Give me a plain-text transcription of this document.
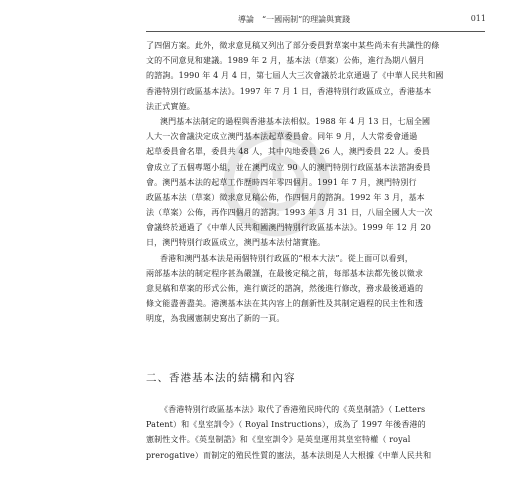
導論　“一國兩制”的理論與實踐	011

了四個方案。此外，徵求意見稿又列出了部分委員對草案中某些尚未有共識性的條
文的不同意見和建議。1989 年 2 月，基本法（草案）公佈，進行為期八個月
的諮詢。1990 年 4 月 4 日，第七屆人大三次會議於北京通過了《中華人民共和國
香港特別行政區基本法》。1997 年 7 月 1 日，香港特別行政區成立，香港基本
法正式實施。

澳門基本法制定的過程與香港基本法相似。1988 年 4 月 13 日，七屆全國
人大一次會議決定成立澳門基本法起草委員會。同年 9 月，人大常委會通過
起草委員會名單，委員共 48 人，其中內地委員 26 人，澳門委員 22 人。委員
會成立了五個專題小組，並在澳門成立 90 人的澳門特別行政區基本法諮詢委員
會。澳門基本法的起草工作歷時四年零四個月。1991 年 7 月，澳門特別行
政區基本法（草案）徵求意見稿公佈，作四個月的諮詢。1992 年 3 月，基本
法（草案）公佈，再作四個月的諮詢。1993 年 3 月 31 日，八屆全國人大一次
會議終於通過了《中華人民共和國澳門特別行政區基本法》。1999 年 12 月 20
日，澳門特別行政區成立，澳門基本法付諸實施。

香港和澳門基本法是兩個特別行政區的“根本大法”。從上面可以看到，
兩部基本法的制定程序甚為嚴謹，在最後定稿之前，每部基本法都先後以徵求
意見稿和草案的形式公佈，進行廣泛的諮詢，然後進行修改，務求最後通過的
條文能盡善盡美。港澳基本法在其內容上的創新性及其制定過程的民主性和透
明度，為我國憲制史寫出了新的一頁。

二、香港基本法的結構和內容
《香港特別行政區基本法》取代了香港殖民時代的《英皇制誥》（ Letters
Patent）和《皇室訓令》（ Royal Instructions），成為了 1997 年後香港的
憲制性文件。《英皇制誥》和《皇室訓令》是英皇運用其皇室特權（ royal
prerogative）而制定的殖民性質的憲法，基本法則是人大根據《中華人民共和
